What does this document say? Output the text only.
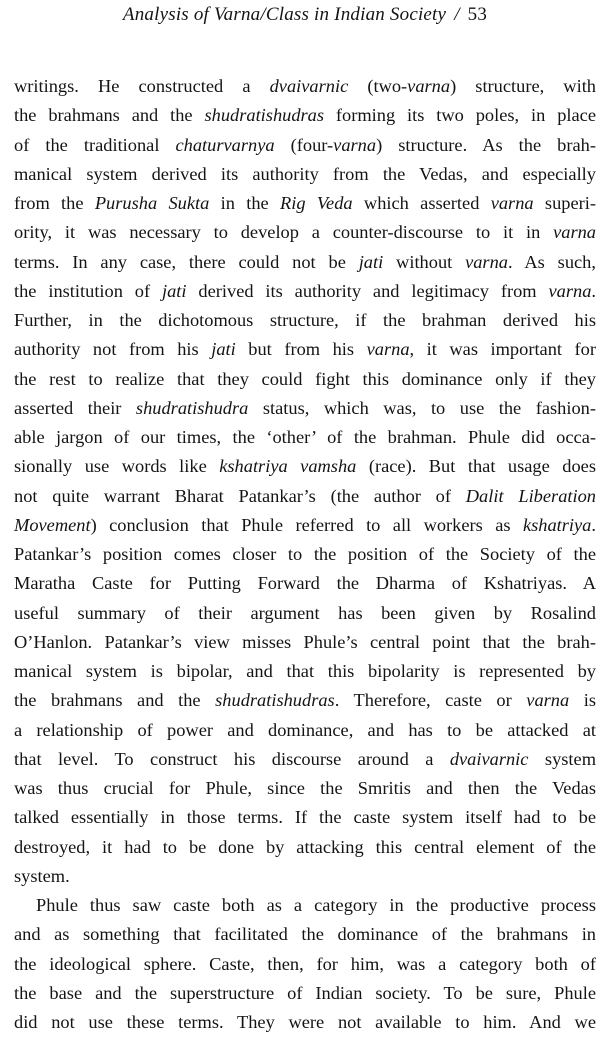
Analysis of Varna/Class in Indian Society / 53
writings. He constructed a dvaivarnic (two-varna) structure, with
the brahmans and the shudratishudras forming its two poles, in place
of the traditional chaturvarnya (four-varna) structure. As the brah-
manical system derived its authority from the Vedas, and especially
from the Purusha Sukta in the Rig Veda which asserted varna superi-
ority, it was necessary to develop a counter-discourse to it in varna
terms. In any case, there could not be jati without varna. As such,
the institution of jati derived its authority and legitimacy from varna.
Further, in the dichotomous structure, if the brahman derived his
authority not from his jati but from his varna, it was important for
the rest to realize that they could fight this dominance only if they
asserted their shudratishudra status, which was, to use the fashion-
able jargon of our times, the ‘other’ of the brahman. Phule did occa-
sionally use words like kshatriya vamsha (race). But that usage does
not quite warrant Bharat Patankar’s (the author of Dalit Liberation
Movement) conclusion that Phule referred to all workers as kshatriya.
Patankar’s position comes closer to the position of the Society of the
Maratha Caste for Putting Forward the Dharma of Kshatriyas. A
useful summary of their argument has been given by Rosalind
O’Hanlon. Patankar’s view misses Phule’s central point that the brah-
manical system is bipolar, and that this bipolarity is represented by
the brahmans and the shudratishudras. Therefore, caste or varna is
a relationship of power and dominance, and has to be attacked at
that level. To construct his discourse around a dvaivarnic system
was thus crucial for Phule, since the Smritis and then the Vedas
talked essentially in those terms. If the caste system itself had to be
destroyed, it had to be done by attacking this central element of the
system.
Phule thus saw caste both as a category in the productive process
and as something that facilitated the dominance of the brahmans in
the ideological sphere. Caste, then, for him, was a category both of
the base and the superstructure of Indian society. To be sure, Phule
did not use these terms. They were not available to him. And we
